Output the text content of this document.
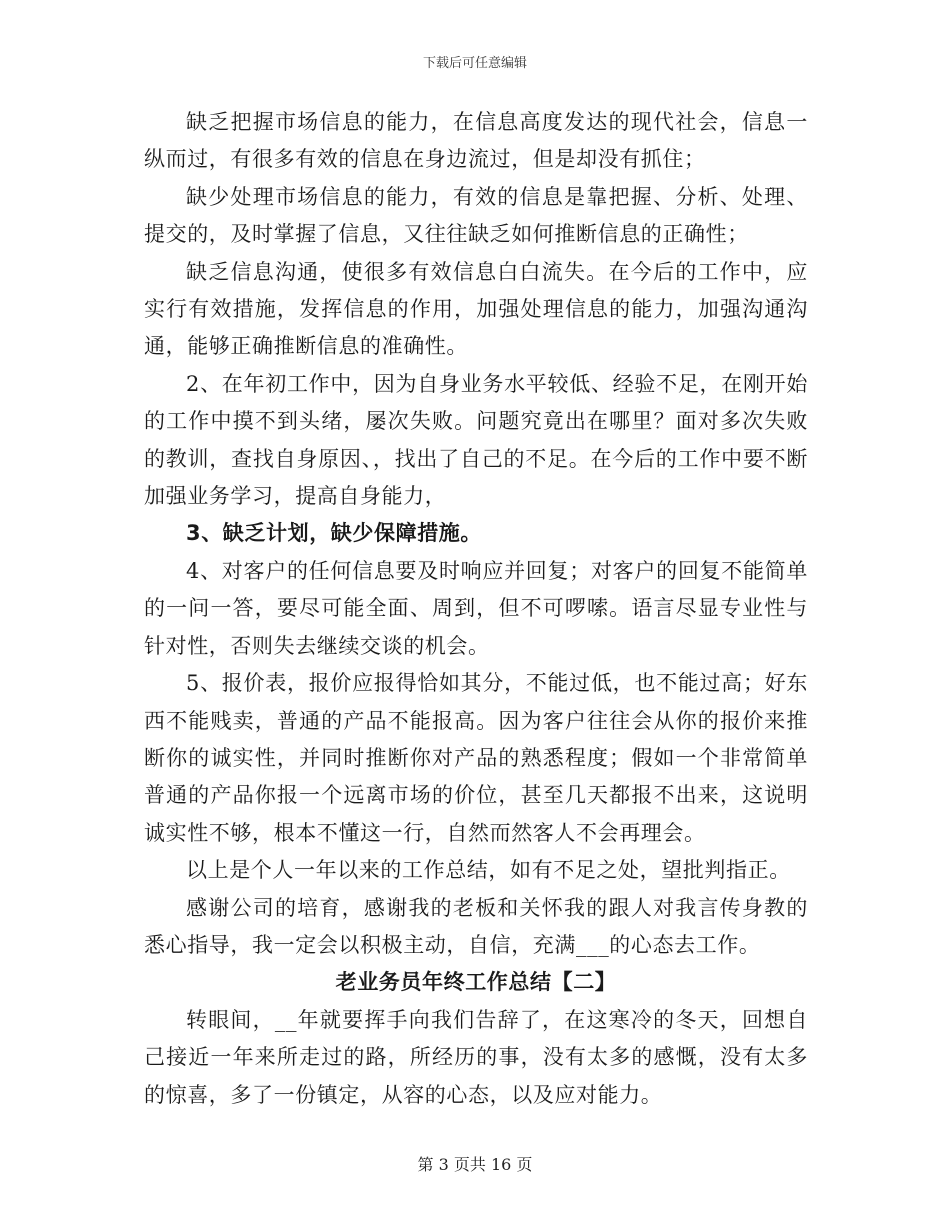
下载后可任意编辑

缺乏把握市场信息的能力，在信息高度发达的现代社会，信息一纵而过，有很多有效的信息在身边流过，但是却没有抓住；

缺少处理市场信息的能力，有效的信息是靠把握、分析、处理、提交的，及时掌握了信息，又往往缺乏如何推断信息的正确性；

缺乏信息沟通，使很多有效信息白白流失。在今后的工作中，应实行有效措施，发挥信息的作用，加强处理信息的能力，加强沟通沟通，能够正确推断信息的准确性。

2、在年初工作中，因为自身业务水平较低、经验不足，在刚开始的工作中摸不到头绪，屡次失败。问题究竟出在哪里？面对多次失败的教训，查找自身原因、，找出了自己的不足。在今后的工作中要不断加强业务学习，提高自身能力，

3、缺乏计划，缺少保障措施。

4、对客户的任何信息要及时响应并回复；对客户的回复不能简单的一问一答，要尽可能全面、周到，但不可啰嗦。语言尽显专业性与针对性，否则失去继续交谈的机会。

5、报价表，报价应报得恰如其分，不能过低，也不能过高；好东西不能贱卖，普通的产品不能报高。因为客户往往会从你的报价来推断你的诚实性，并同时推断你对产品的熟悉程度；假如一个非常简单普通的产品你报一个远离市场的价位，甚至几天都报不出来，这说明诚实性不够，根本不懂这一行，自然而然客人不会再理会。

以上是个人一年以来的工作总结，如有不足之处，望批判指正。

感谢公司的培育，感谢我的老板和关怀我的跟人对我言传身教的悉心指导，我一定会以积极主动，自信，充满___的心态去工作。

老业务员年终工作总结【二】

转眼间，__年就要挥手向我们告辞了，在这寒冷的冬天，回想自己接近一年来所走过的路，所经历的事，没有太多的感慨，没有太多的惊喜，多了一份镇定，从容的心态，以及应对能力。

第 3 页共 16 页
